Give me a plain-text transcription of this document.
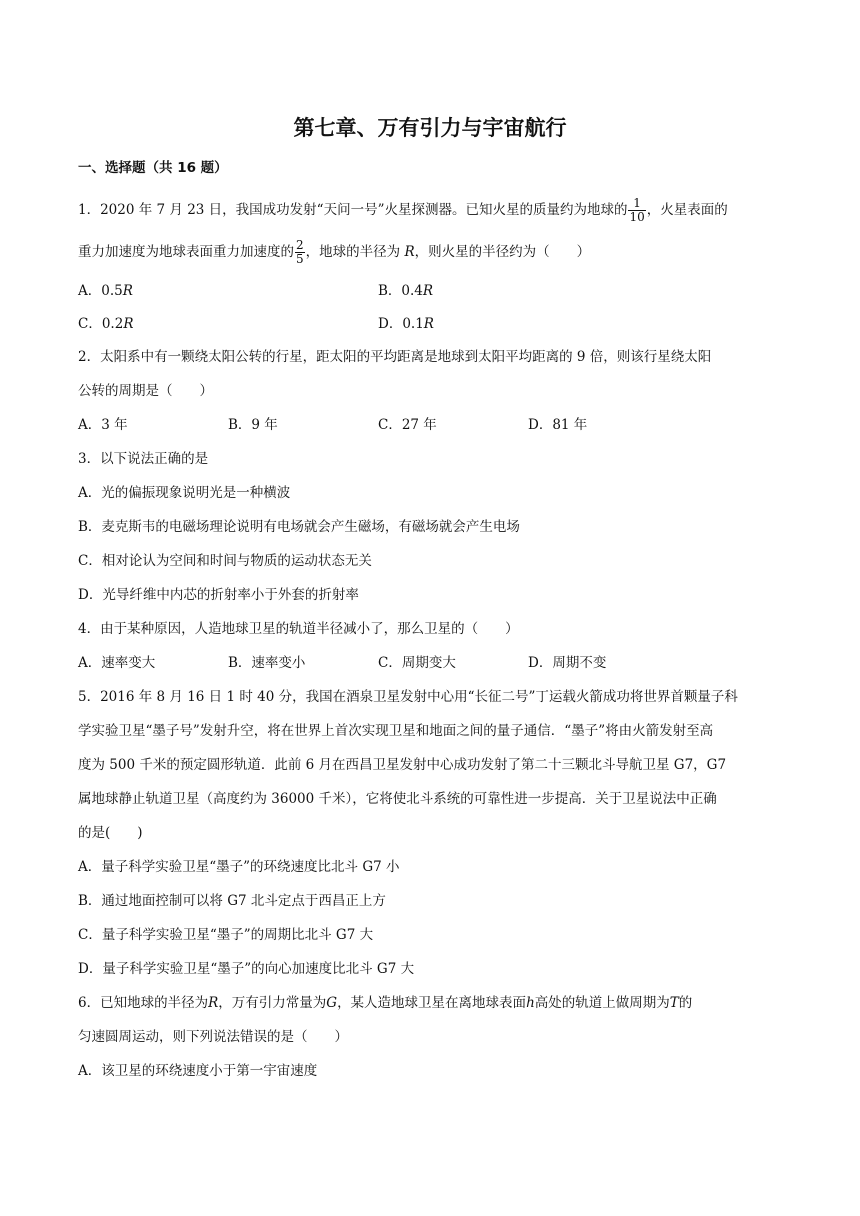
第七章、万有引力与宇宙航行
一、选择题（共 16 题）
1．2020 年 7 月 23 日，我国成功发射“天问一号”火星探测器。已知火星的质量约为地球的 $\frac{1}{10}$ ，火星表面的
重力加速度为地球表面重力加速度的 $\frac{2}{5}$ ，地球的半径为 R，则火星的半径约为（　　）
A．0.5R	B．0.4R
C．0.2R	D．0.1R
2．太阳系中有一颗绕太阳公转的行星，距太阳的平均距离是地球到太阳平均距离的 9 倍，则该行星绕太阳
公转的周期是（　　）
A．3 年	B．9 年	C．27 年	D．81 年
3．以下说法正确的是
A．光的偏振现象说明光是一种横波
B．麦克斯韦的电磁场理论说明有电场就会产生磁场，有磁场就会产生电场
C．相对论认为空间和时间与物质的运动状态无关
D．光导纤维中内芯的折射率小于外套的折射率
4．由于某种原因，人造地球卫星的轨道半径减小了，那么卫星的（　　）
A．速率变大	B．速率变小	C．周期变大	D．周期不变
5．2016 年 8 月 16 日 1 时 40 分，我国在酒泉卫星发射中心用“长征二号”丁运载火箭成功将世界首颗量子科
学实验卫星“墨子号”发射升空，将在世界上首次实现卫星和地面之间的量子通信．“墨子”将由火箭发射至高
度为 500 千米的预定圆形轨道．此前 6 月在西昌卫星发射中心成功发射了第二十三颗北斗导航卫星 G7，G7
属地球静止轨道卫星（高度约为 36000 千米），它将使北斗系统的可靠性进一步提高．关于卫星说法中正确
的是(　　)
A．量子科学实验卫星“墨子”的环绕速度比北斗 G7 小
B．通过地面控制可以将 G7 北斗定点于西昌正上方
C．量子科学实验卫星“墨子”的周期比北斗 G7 大
D．量子科学实验卫星“墨子”的向心加速度比北斗 G7 大
6．已知地球的半径为R，万有引力常量为G，某人造地球卫星在离地球表面h高处的轨道上做周期为T的
匀速圆周运动，则下列说法错误的是（　　）
A．该卫星的环绕速度小于第一宇宙速度
